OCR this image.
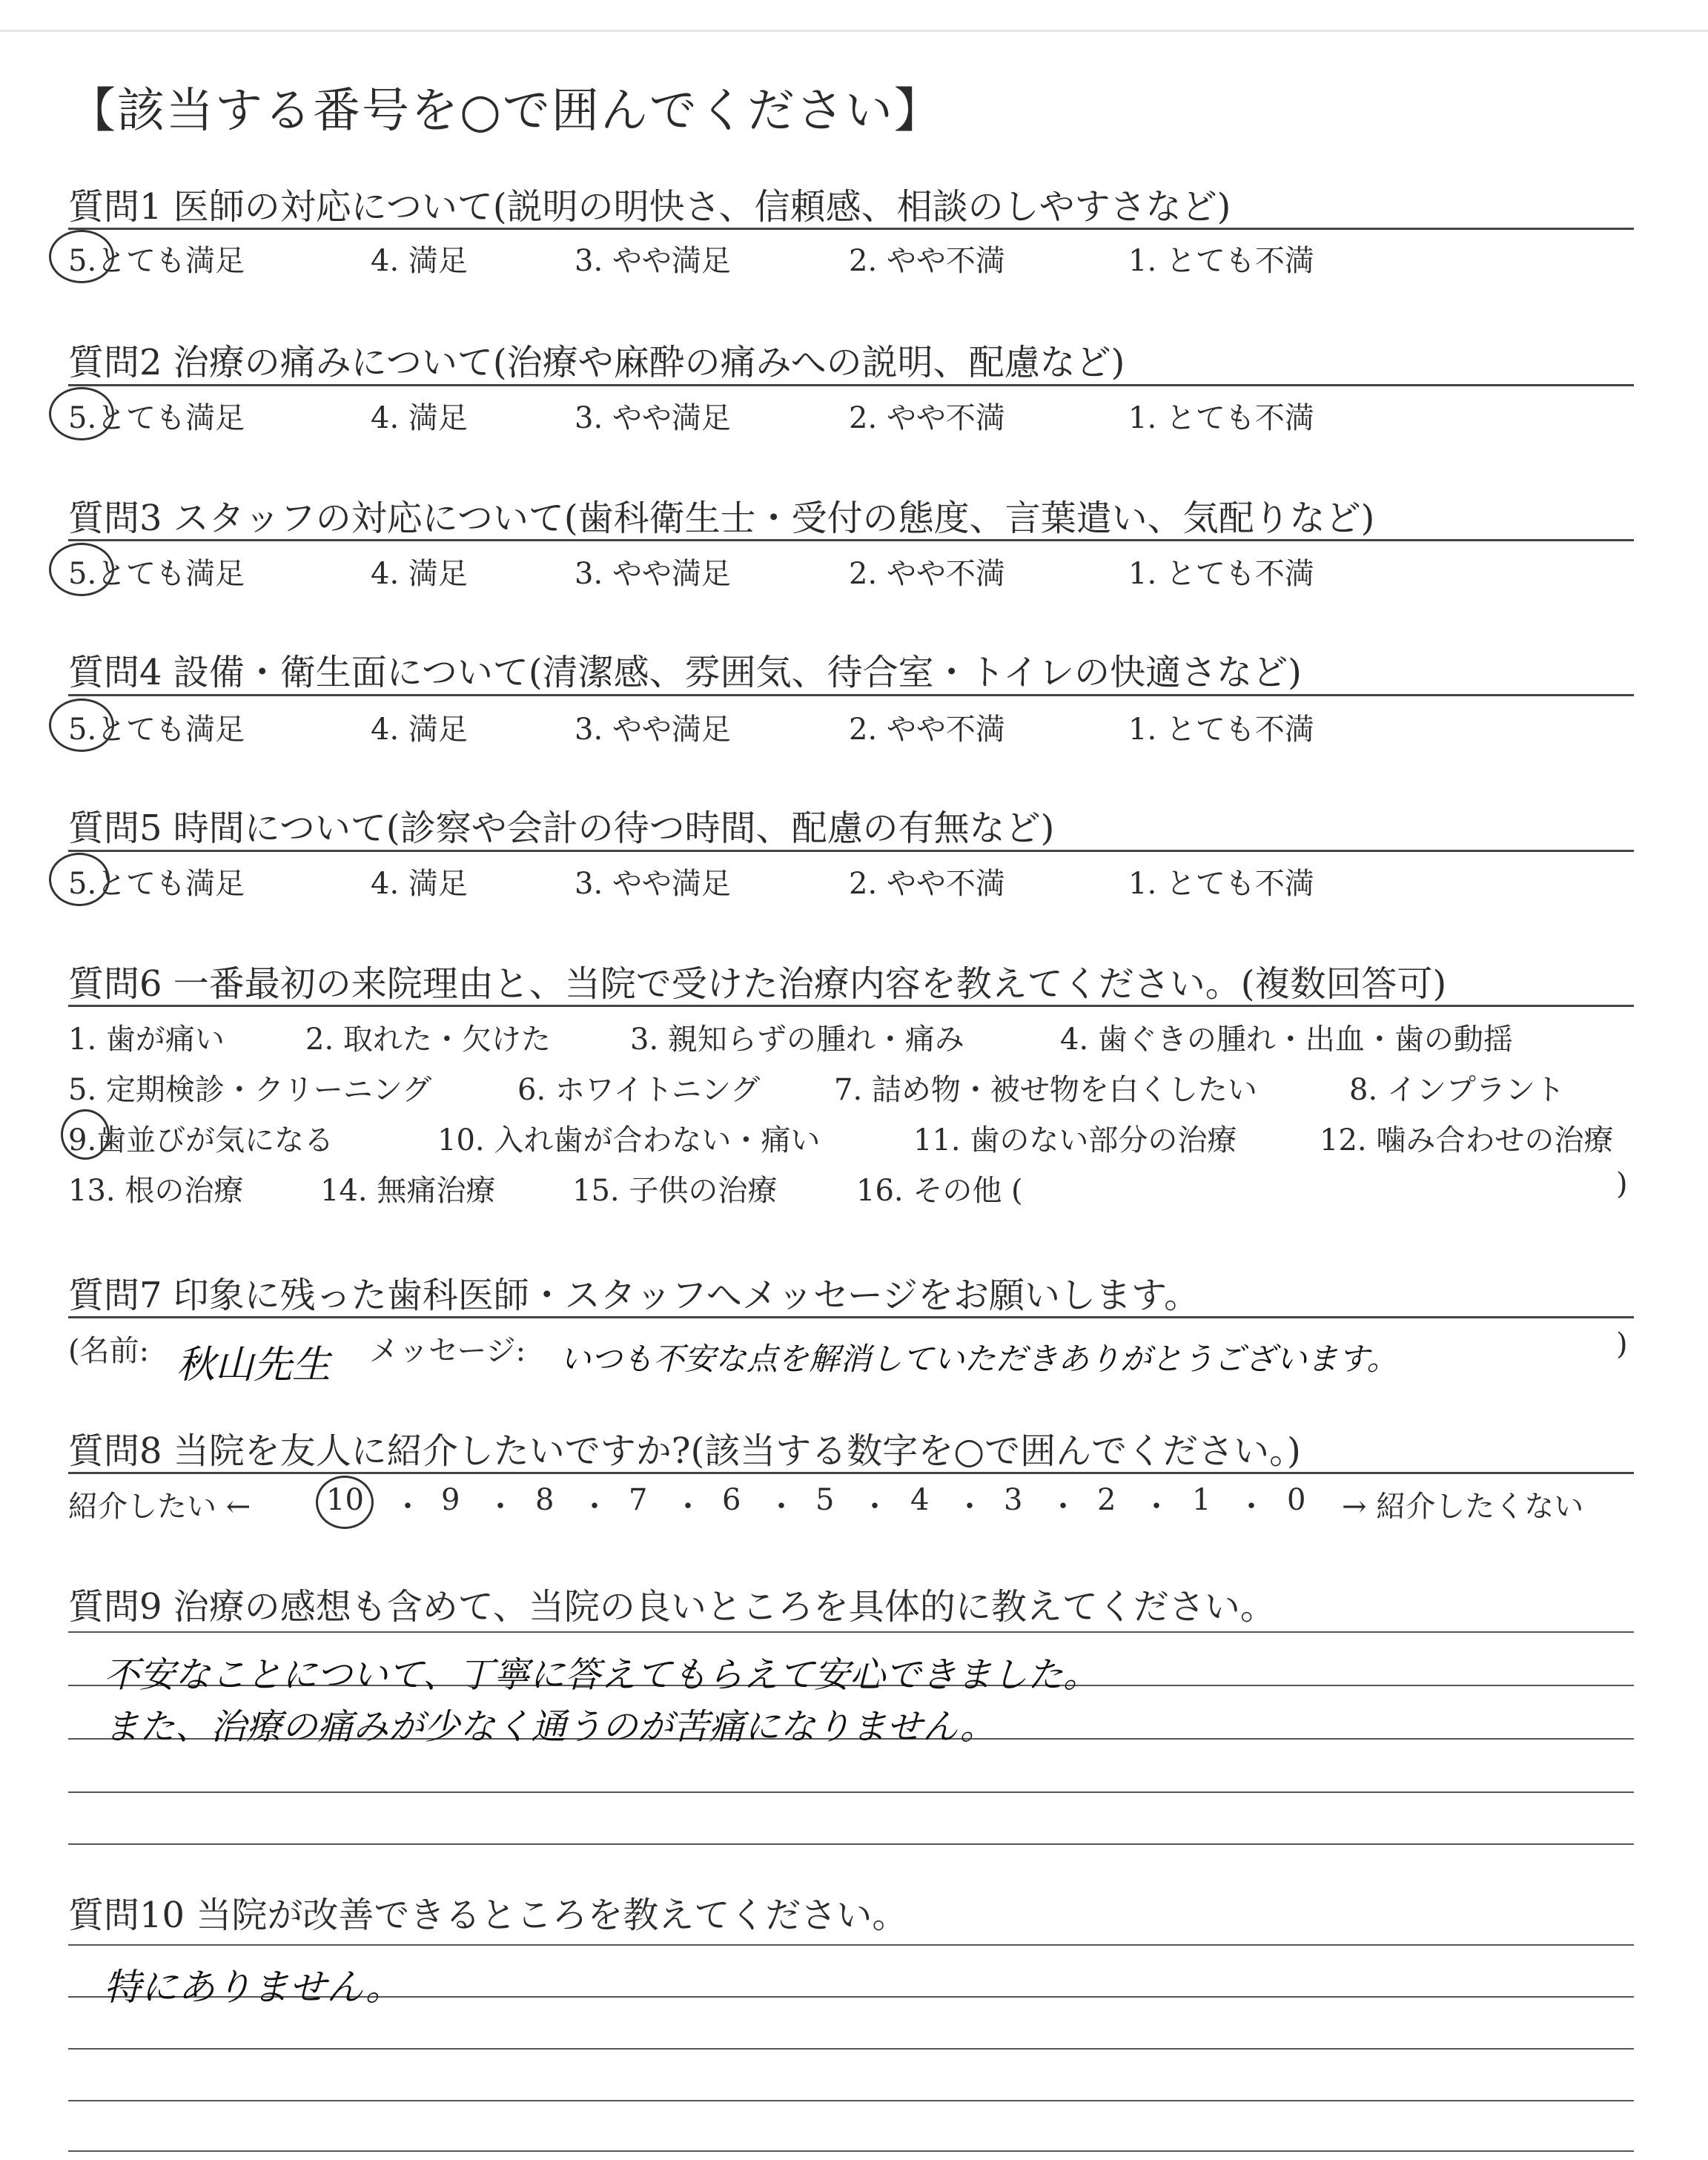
【該当する番号を○で囲んでください】
質問1 医師の対応について(説明の明快さ、信頼感、相談のしやすさなど)
5.とても満足	4. 満足	3. やや満足	2. やや不満	1. とても不満
質問2 治療の痛みについて(治療や麻酔の痛みへの説明、配慮など)
5.とても満足	4. 満足	3. やや満足	2. やや不満	1. とても不満
質問3 スタッフの対応について(歯科衛生士・受付の態度、言葉遣い、気配りなど)
5.とても満足	4. 満足	3. やや満足	2. やや不満	1. とても不満
質問4 設備・衛生面について(清潔感、雰囲気、待合室・トイレの快適さなど)
5.とても満足	4. 満足	3. やや満足	2. やや不満	1. とても不満
質問5 時間について(診察や会計の待つ時間、配慮の有無など)
5.とても満足	4. 満足	3. やや満足	2. やや不満	1. とても不満
質問6 一番最初の来院理由と、当院で受けた治療内容を教えてください。(複数回答可)
1. 歯が痛い	2. 取れた・欠けた	3. 親知らずの腫れ・痛み	4. 歯ぐきの腫れ・出血・歯の動揺
5. 定期検診・クリーニング	6. ホワイトニング 7. 詰め物・被せ物を白くしたい	8. インプラント
9.歯並びが気になる	10. 入れ歯が合わない・痛い	11. 歯のない部分の治療	12. 噛み合わせの治療
13. 根の治療	14. 無痛治療	15. 子供の治療	16. その他 (	)
質問7 印象に残った歯科医師・スタッフへメッセージをお願いします。
(名前: 秋山先生 メッセージ: いつも不安な点を解消していただきありがとうございます。	)
質問8 当院を友人に紹介したいですか?(該当する数字を○で囲んでください。)
紹介したい ←	10 ・ 9 ・ 8 ・ 7 ・ 6 ・ 5 ・ 4 ・ 3 ・ 2 ・ 1 ・ 0 → 紹介したくない
質問9 治療の感想も含めて、当院の良いところを具体的に教えてください。
不安なことについて、丁寧に答えてもらえて安心できました。
また、治療の痛みが少なく通うのが苦痛になりません。
質問10 当院が改善できるところを教えてください。
特にありません。
